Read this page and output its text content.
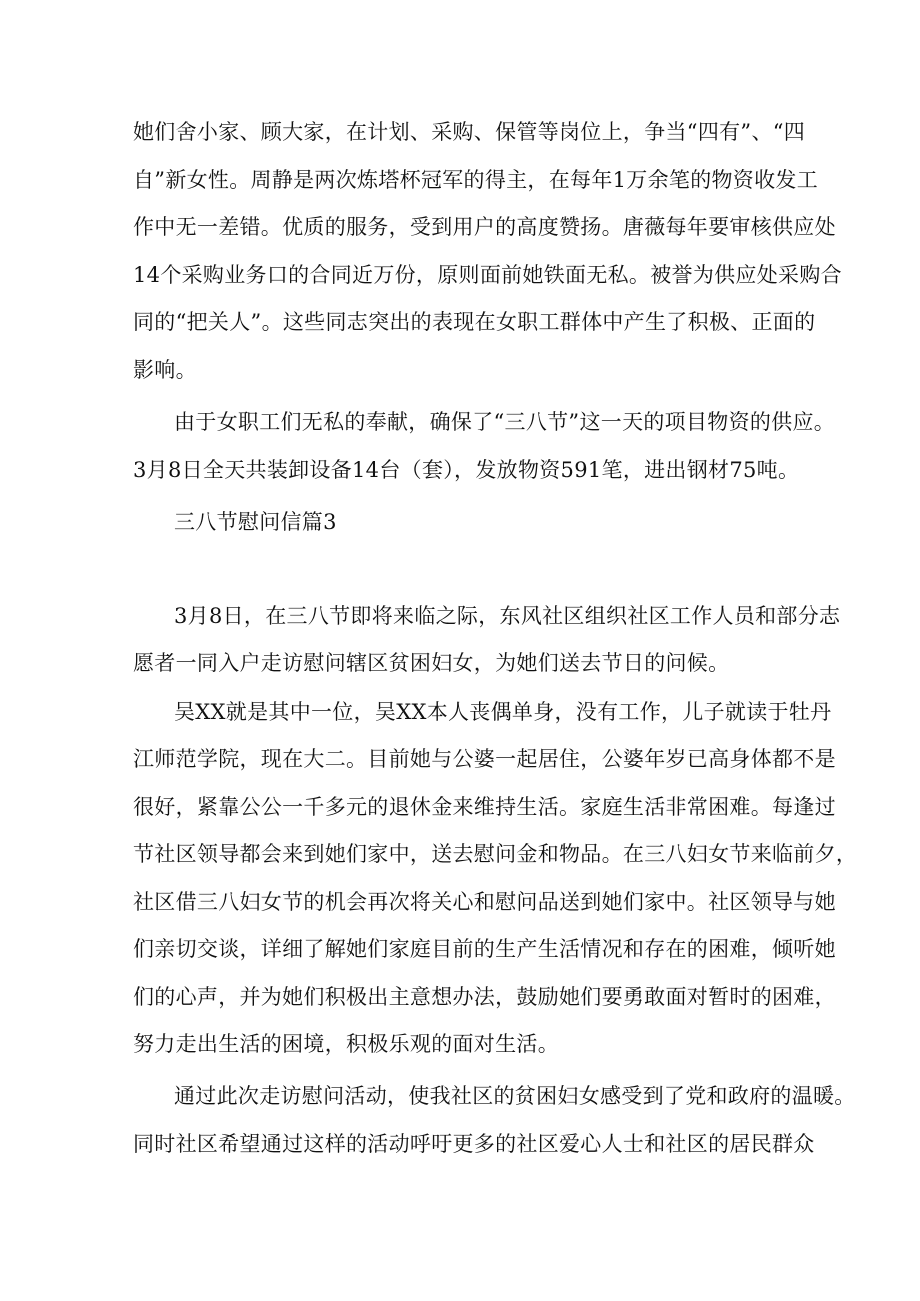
她们舍小家、顾大家，在计划、采购、保管等岗位上，争当“四有”、“四
自”新女性。周静是两次炼塔杯冠军的得主，在每年1万余笔的物资收发工
作中无一差错。优质的服务，受到用户的高度赞扬。唐薇每年要审核供应处
14个采购业务口的合同近万份，原则面前她铁面无私。被誉为供应处采购合
同的“把关人”。这些同志突出的表现在女职工群体中产生了积极、正面的
影响。
由于女职工们无私的奉献，确保了“三八节”这一天的项目物资的供应。
3月8日全天共装卸设备14台（套），发放物资591笔，进出钢材75吨。
三八节慰问信篇3
3月8日，在三八节即将来临之际，东风社区组织社区工作人员和部分志
愿者一同入户走访慰问辖区贫困妇女，为她们送去节日的问候。
吴XX就是其中一位，吴XX本人丧偶单身，没有工作，儿子就读于牡丹
江师范学院，现在大二。目前她与公婆一起居住，公婆年岁已高身体都不是
很好，紧靠公公一千多元的退休金来维持生活。家庭生活非常困难。每逢过
节社区领导都会来到她们家中，送去慰问金和物品。在三八妇女节来临前夕，
社区借三八妇女节的机会再次将关心和慰问品送到她们家中。社区领导与她
们亲切交谈，详细了解她们家庭目前的生产生活情况和存在的困难，倾听她
们的心声，并为她们积极出主意想办法，鼓励她们要勇敢面对暂时的困难，
努力走出生活的困境，积极乐观的面对生活。
通过此次走访慰问活动，使我社区的贫困妇女感受到了党和政府的温暖。
同时社区希望通过这样的活动呼吁更多的社区爱心人士和社区的居民群众
